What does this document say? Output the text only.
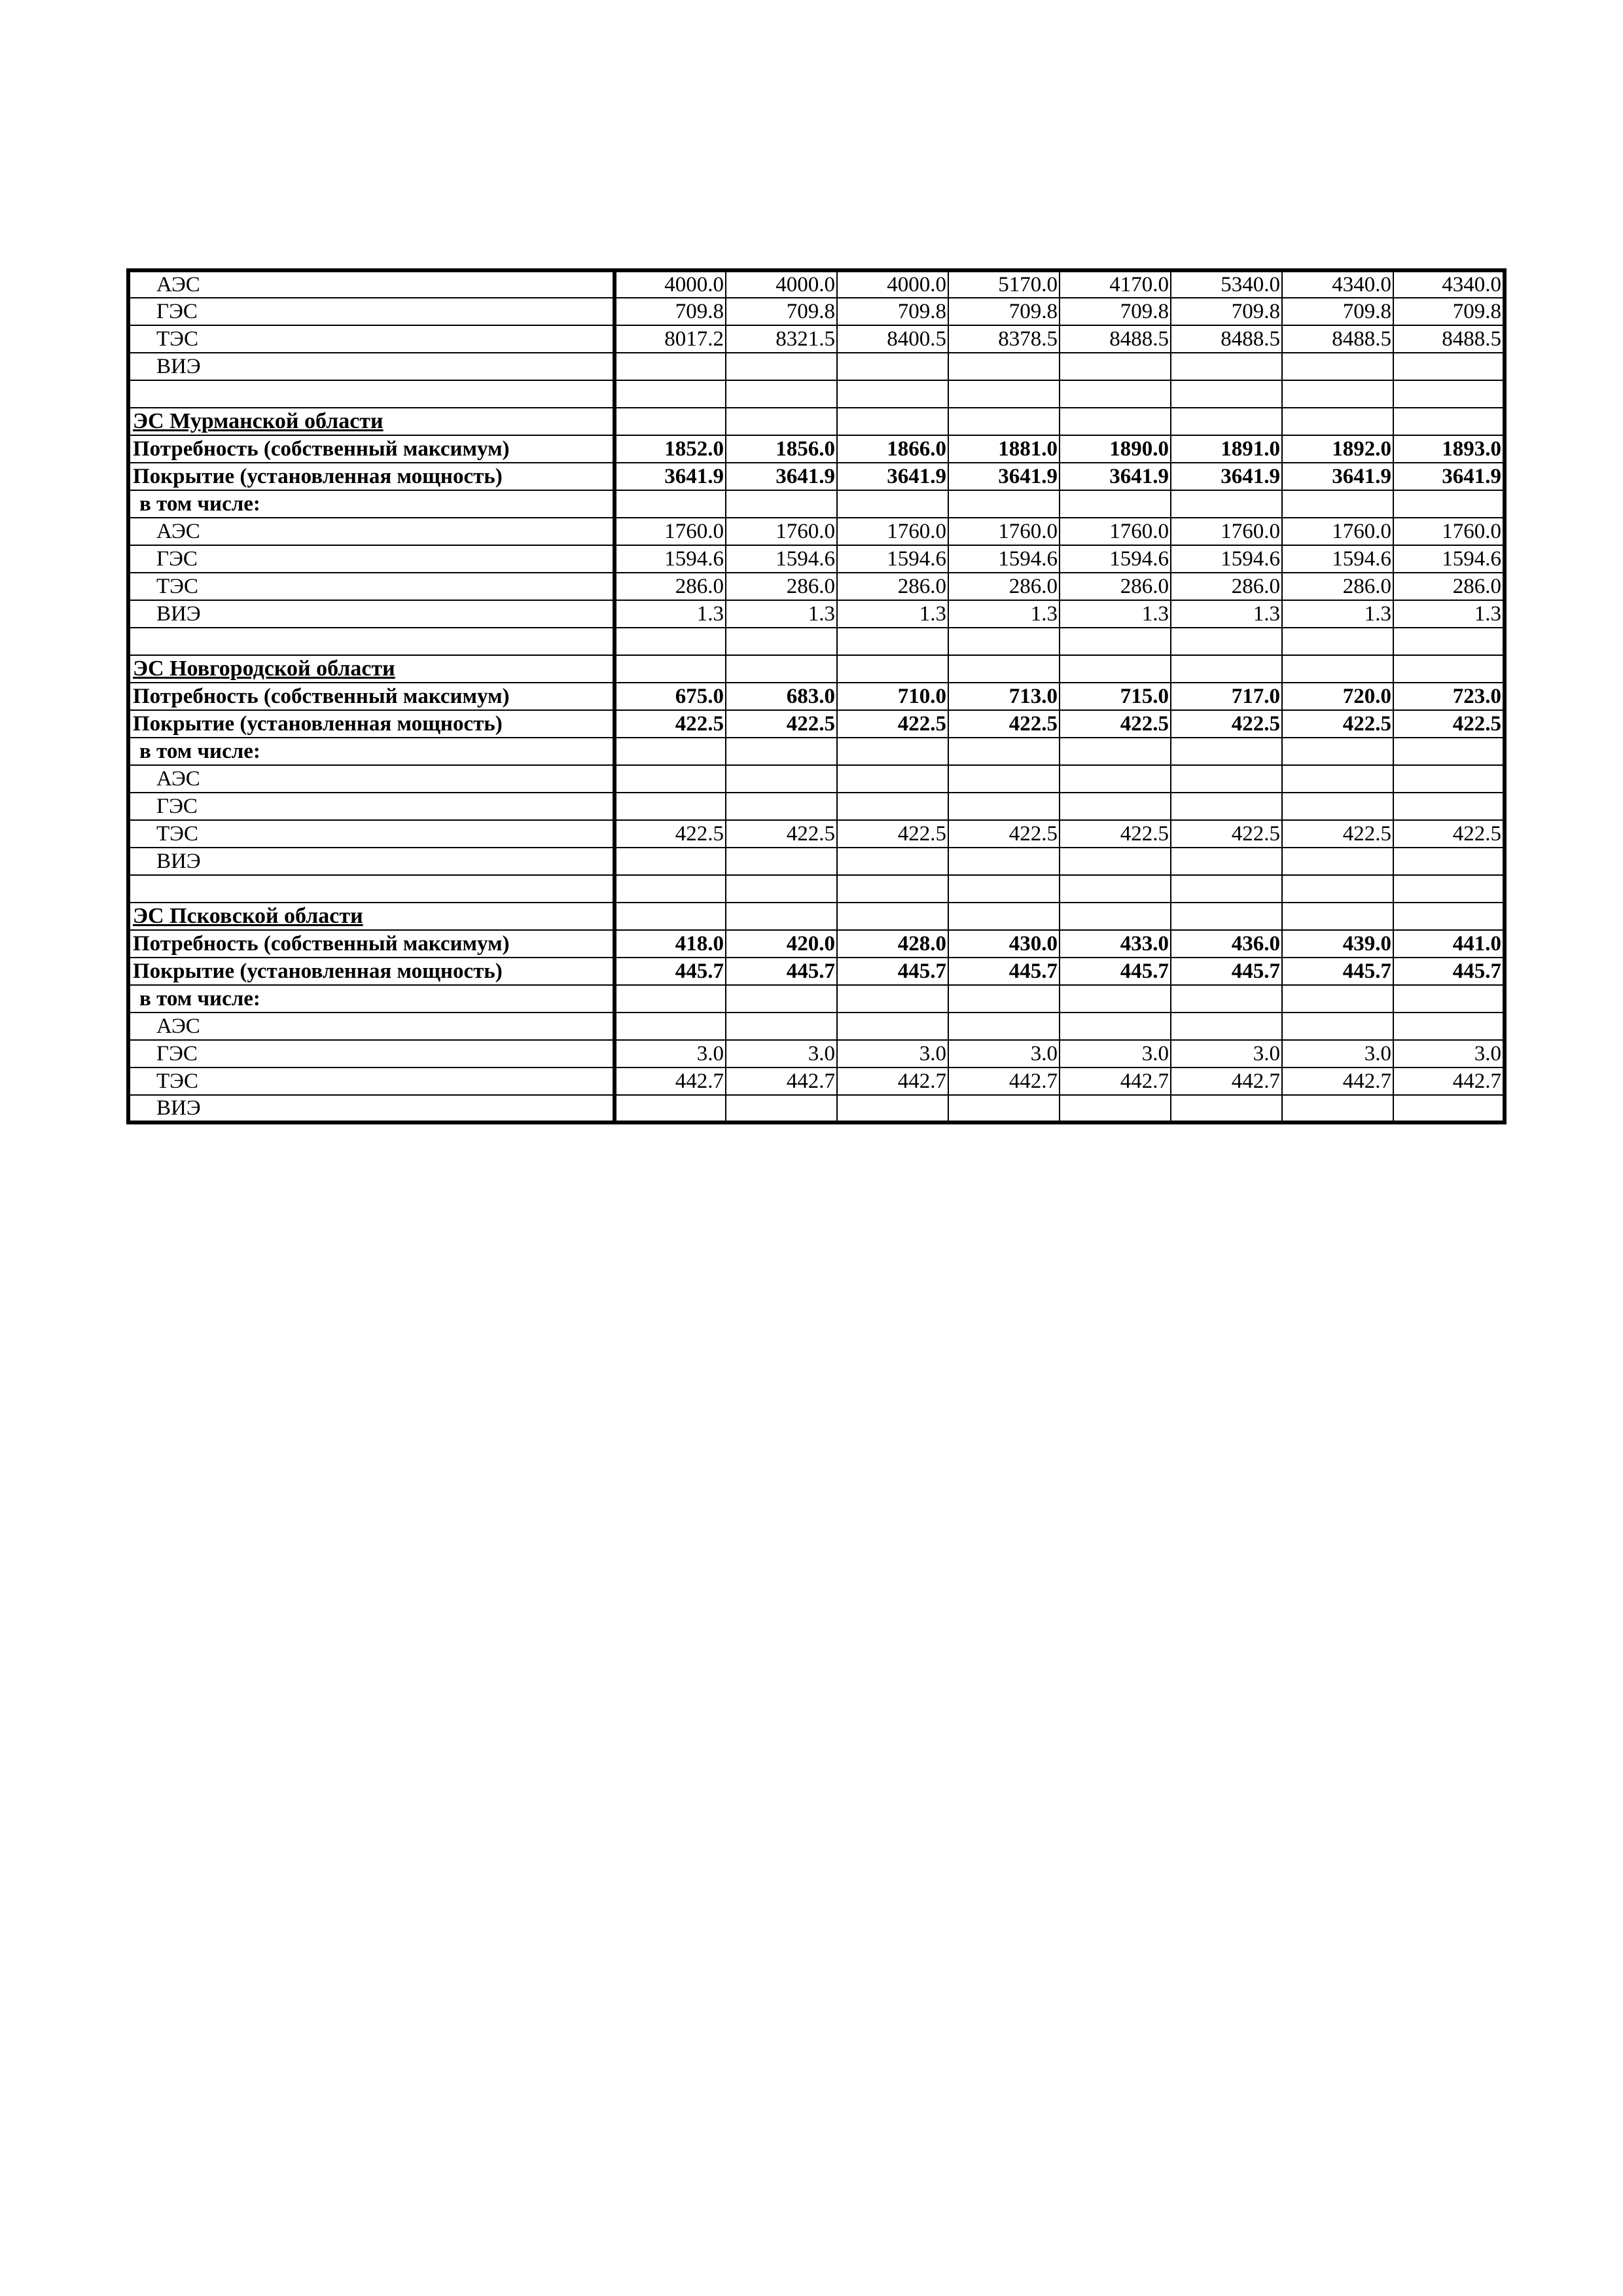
АЭС	4000.0	4000.0	4000.0	5170.0	4170.0	5340.0	4340.0	4340.0
ГЭС	709.8	709.8	709.8	709.8	709.8	709.8	709.8	709.8
ТЭС	8017.2	8321.5	8400.5	8378.5	8488.5	8488.5	8488.5	8488.5
ВИЭ								

ЭС Мурманской области								
Потребность (собственный максимум)	1852.0	1856.0	1866.0	1881.0	1890.0	1891.0	1892.0	1893.0
Покрытие (установленная мощность)	3641.9	3641.9	3641.9	3641.9	3641.9	3641.9	3641.9	3641.9
в том числе:								
АЭС	1760.0	1760.0	1760.0	1760.0	1760.0	1760.0	1760.0	1760.0
ГЭС	1594.6	1594.6	1594.6	1594.6	1594.6	1594.6	1594.6	1594.6
ТЭС	286.0	286.0	286.0	286.0	286.0	286.0	286.0	286.0
ВИЭ	1.3	1.3	1.3	1.3	1.3	1.3	1.3	1.3

ЭС Новгородской области								
Потребность (собственный максимум)	675.0	683.0	710.0	713.0	715.0	717.0	720.0	723.0
Покрытие (установленная мощность)	422.5	422.5	422.5	422.5	422.5	422.5	422.5	422.5
в том числе:								
АЭС								
ГЭС								
ТЭС	422.5	422.5	422.5	422.5	422.5	422.5	422.5	422.5
ВИЭ								

ЭС Псковской области								
Потребность (собственный максимум)	418.0	420.0	428.0	430.0	433.0	436.0	439.0	441.0
Покрытие (установленная мощность)	445.7	445.7	445.7	445.7	445.7	445.7	445.7	445.7
в том числе:								
АЭС								
ГЭС	3.0	3.0	3.0	3.0	3.0	3.0	3.0	3.0
ТЭС	442.7	442.7	442.7	442.7	442.7	442.7	442.7	442.7
ВИЭ								
